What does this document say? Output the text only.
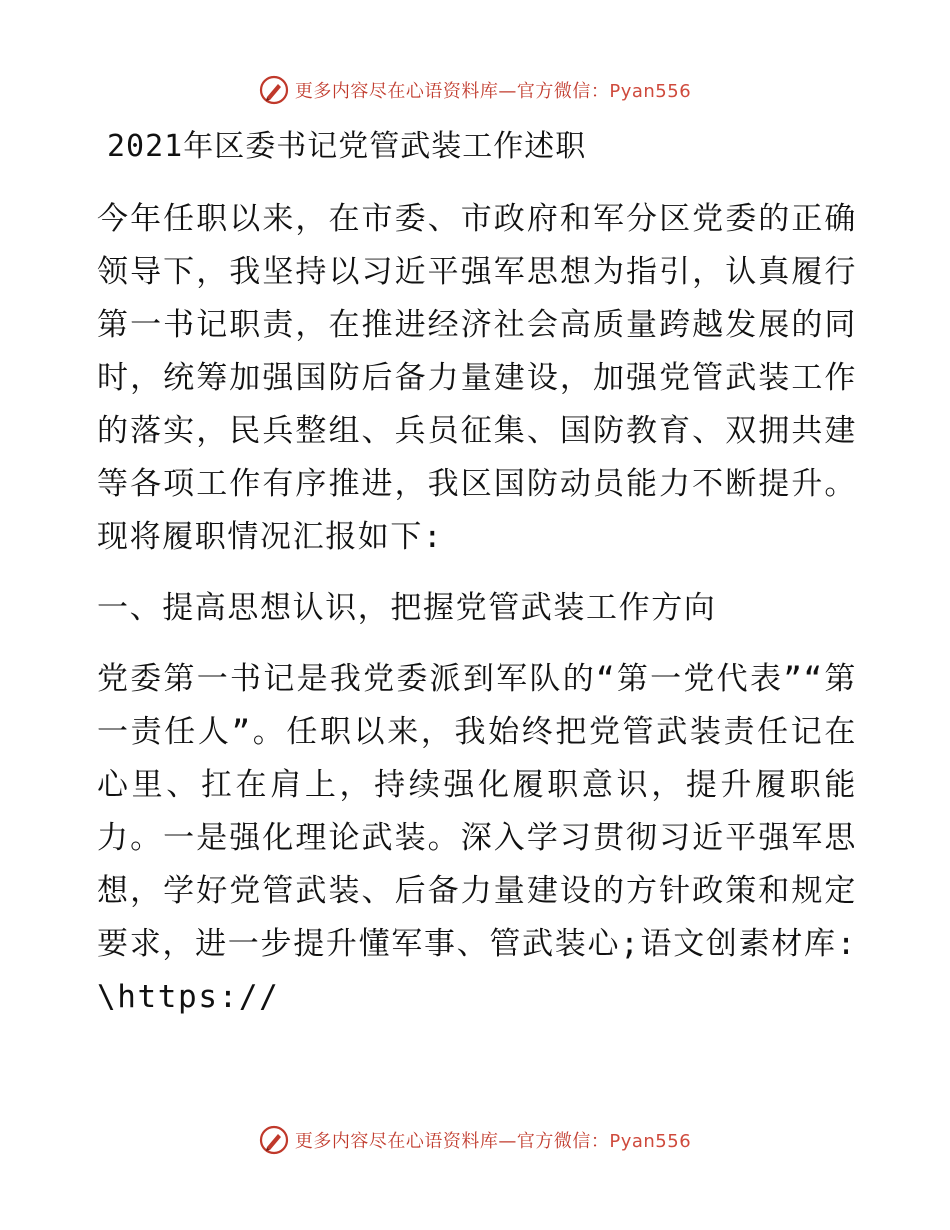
更多内容尽在心语资料库—官方微信：Pyan556
2021年区委书记党管武装工作述职

今年任职以来，在市委、市政府和军分区党委的正确领导下，我坚持以习近平强军思想为指引，认真履行第一书记职责，在推进经济社会高质量跨越发展的同时，统筹加强国防后备力量建设，加强党管武装工作的落实，民兵整组、兵员征集、国防教育、双拥共建等各项工作有序推进，我区国防动员能力不断提升。现将履职情况汇报如下:

一、提高思想认识，把握党管武装工作方向

党委第一书记是我党委派到军队的“第一党代表”“第一责任人”。任职以来，我始终把党管武装责任记在心里、扛在肩上，持续强化履职意识，提升履职能力。一是强化理论武装。深入学习贯彻习近平强军思想，学好党管武装、后备力量建设的方针政策和规定要求，进一步提升懂军事、管武装心;语文创素材库: \https://

更多内容尽在心语资料库—官方微信：Pyan556
